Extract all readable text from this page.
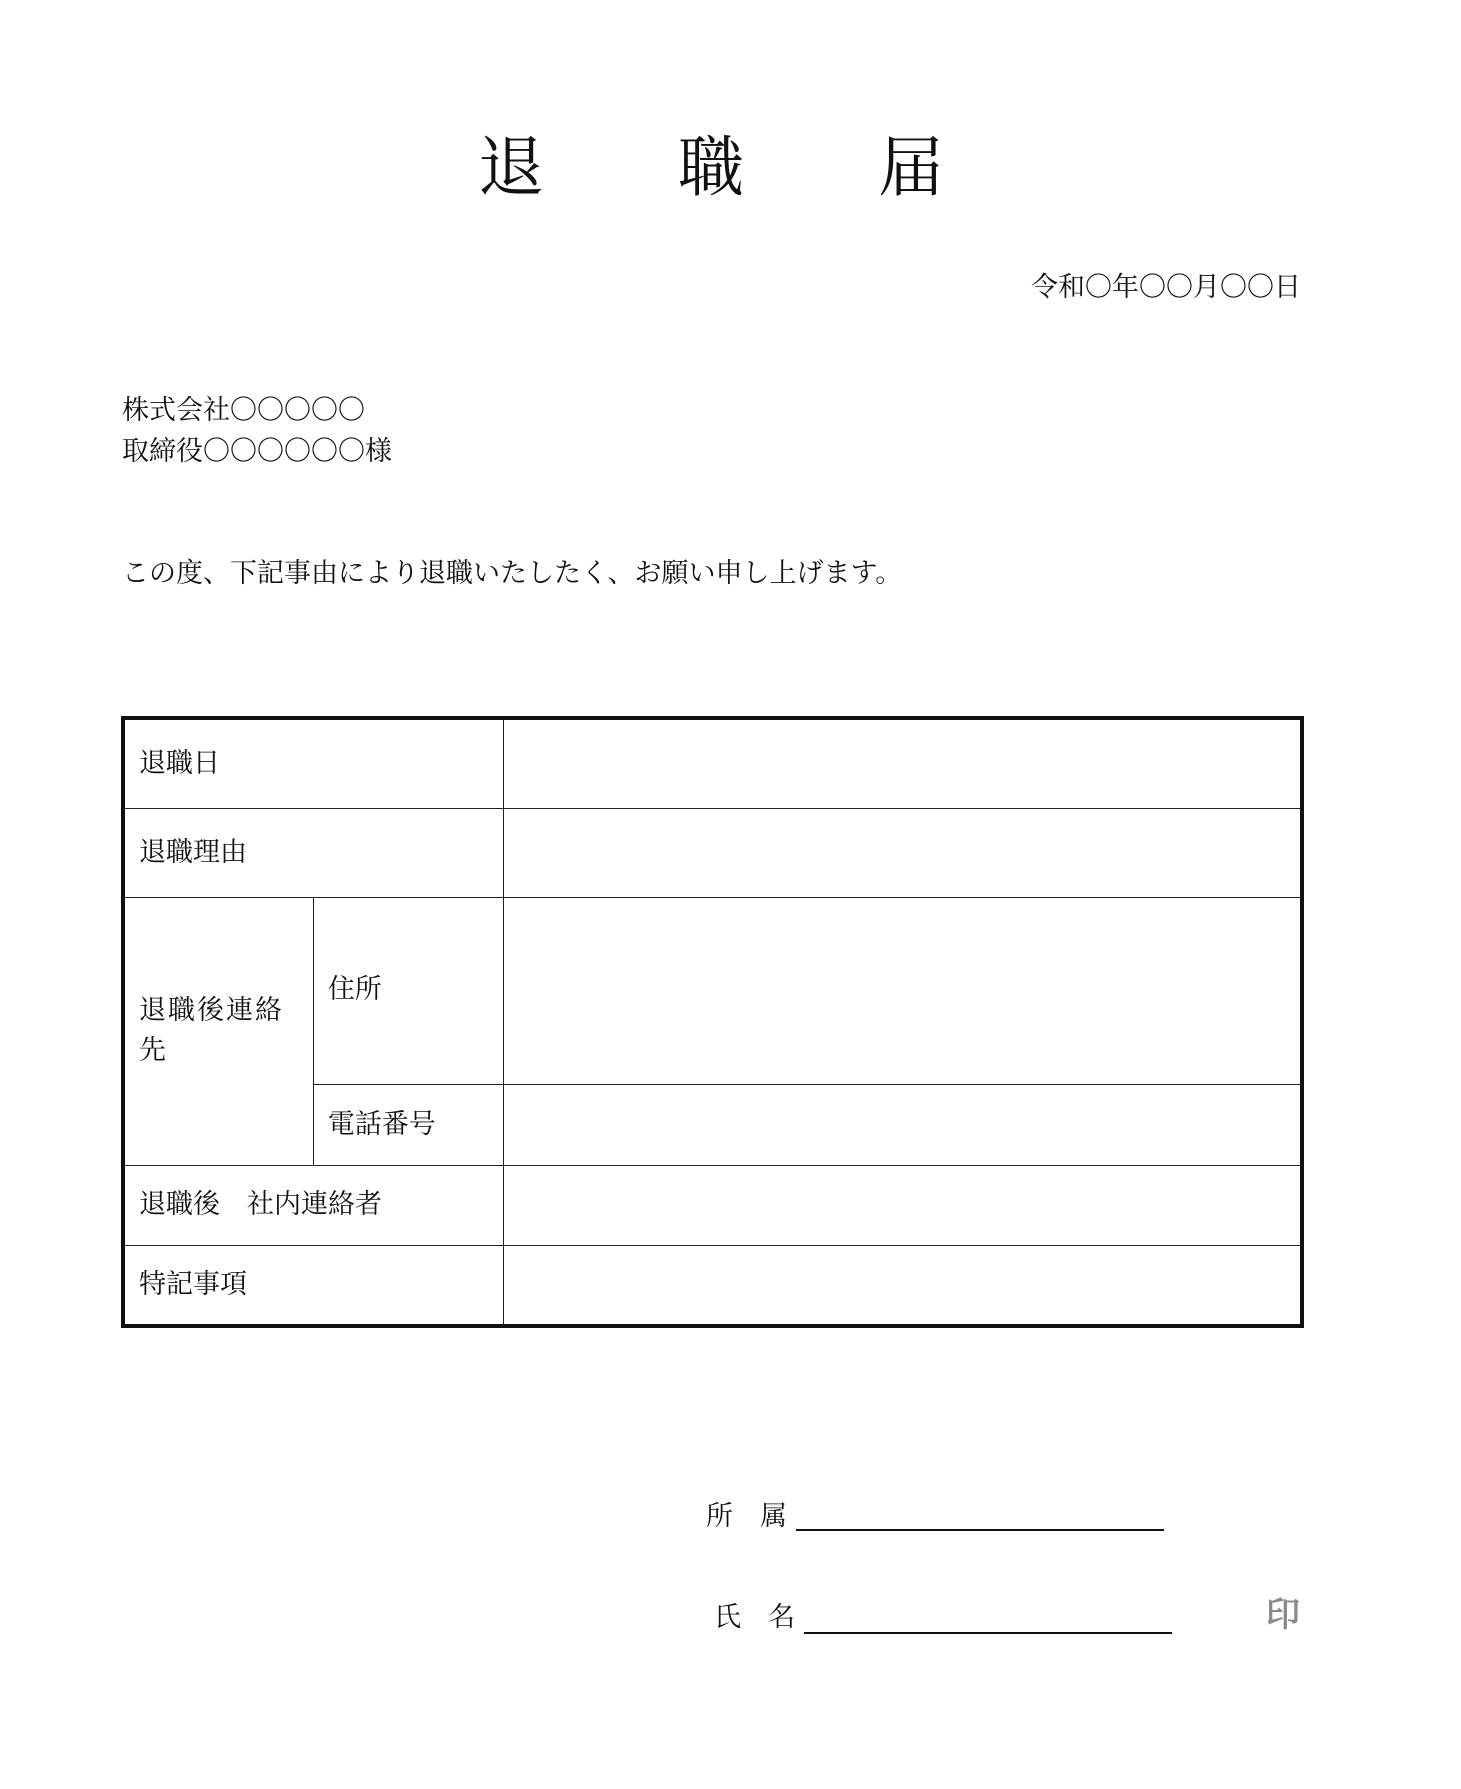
退 職 届
令和〇年〇〇月〇〇日
株式会社〇〇〇〇〇
取締役〇〇〇〇〇〇様
この度、下記事由により退職いたしたく、お願い申し上げます。
退職日		
退職理由		

退職後連絡先	住所	
	電話番号	
退職後　社内連絡者		
特記事項		
所　属
氏　名	印
